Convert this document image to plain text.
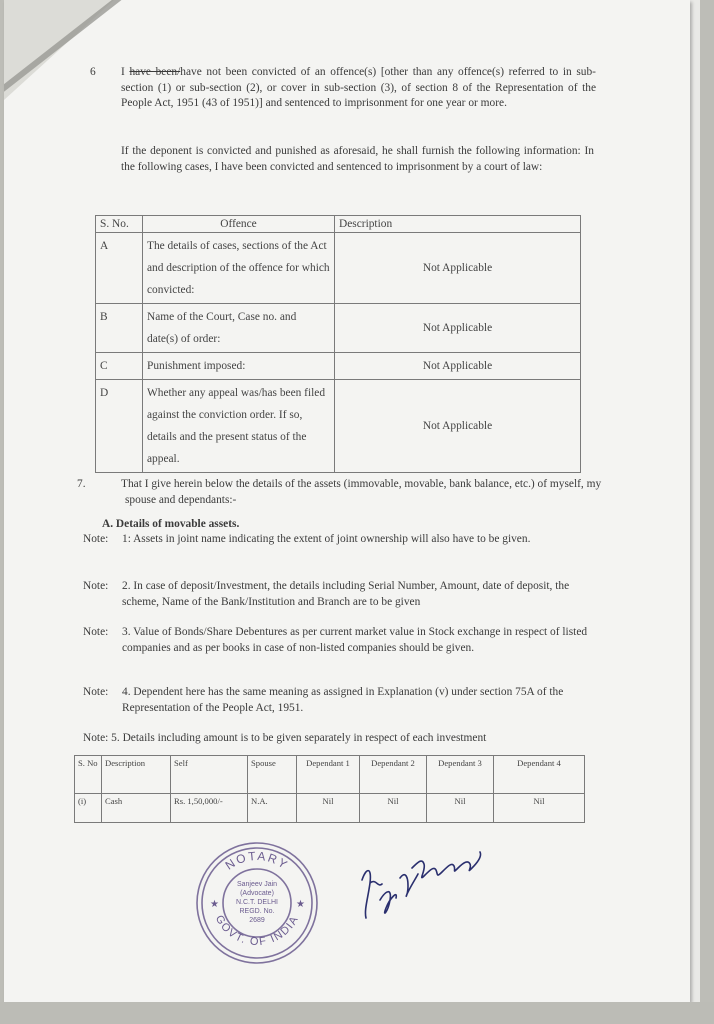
6 I have been/have not been convicted of an offence(s) [other than any offence(s) referred to in sub- section (1) or sub-section (2), or cover in sub-section (3), of section 8 of the Representation of the People Act, 1951 (43 of 1951)] and sentenced to imprisonment for one year or more.
If the deponent is convicted and punished as aforesaid, he shall furnish the following information: In the following cases, I have been convicted and sentenced to imprisonment by a court of law:
S. No.	Offence	Description
A	The details of cases, sections of the Act and description of the offence for which convicted:	Not Applicable
B	Name of the Court, Case no. and date(s) of order:	Not Applicable
C	Punishment imposed:	Not Applicable
D	Whether any appeal was/has been filed against the conviction order. If so, details and the present status of the appeal.	Not Applicable
7.	That I give herein below the details of the assets (immovable, movable, bank balance, etc.) of myself, my spouse and dependants:-
A. Details of movable assets.
Note: 1: Assets in joint name indicating the extent of joint ownership will also have to be given.
Note: 2. In case of deposit/Investment, the details including Serial Number, Amount, date of deposit, the scheme, Name of the Bank/Institution and Branch are to be given
Note: 3. Value of Bonds/Share Debentures as per current market value in Stock exchange in respect of listed companies and as per books in case of non-listed companies should be given.
Note: 4. Dependent here has the same meaning as assigned in Explanation (v) under section 75A of the Representation of the People Act, 1951.
Note: 5. Details including amount is to be given separately in respect of each investment
S. No	Description	Self	Spouse	Dependant 1	Dependant 2	Dependant 3	Dependant 4
(i)	Cash	Rs. 1,50,000/-	N.A.	Nil	Nil	Nil	Nil
NOTARY
GOVT. OF INDIA
★	★
Sanjeev Jain
(Advocate)
N.C.T. DELHI
REGD. No.
2689
